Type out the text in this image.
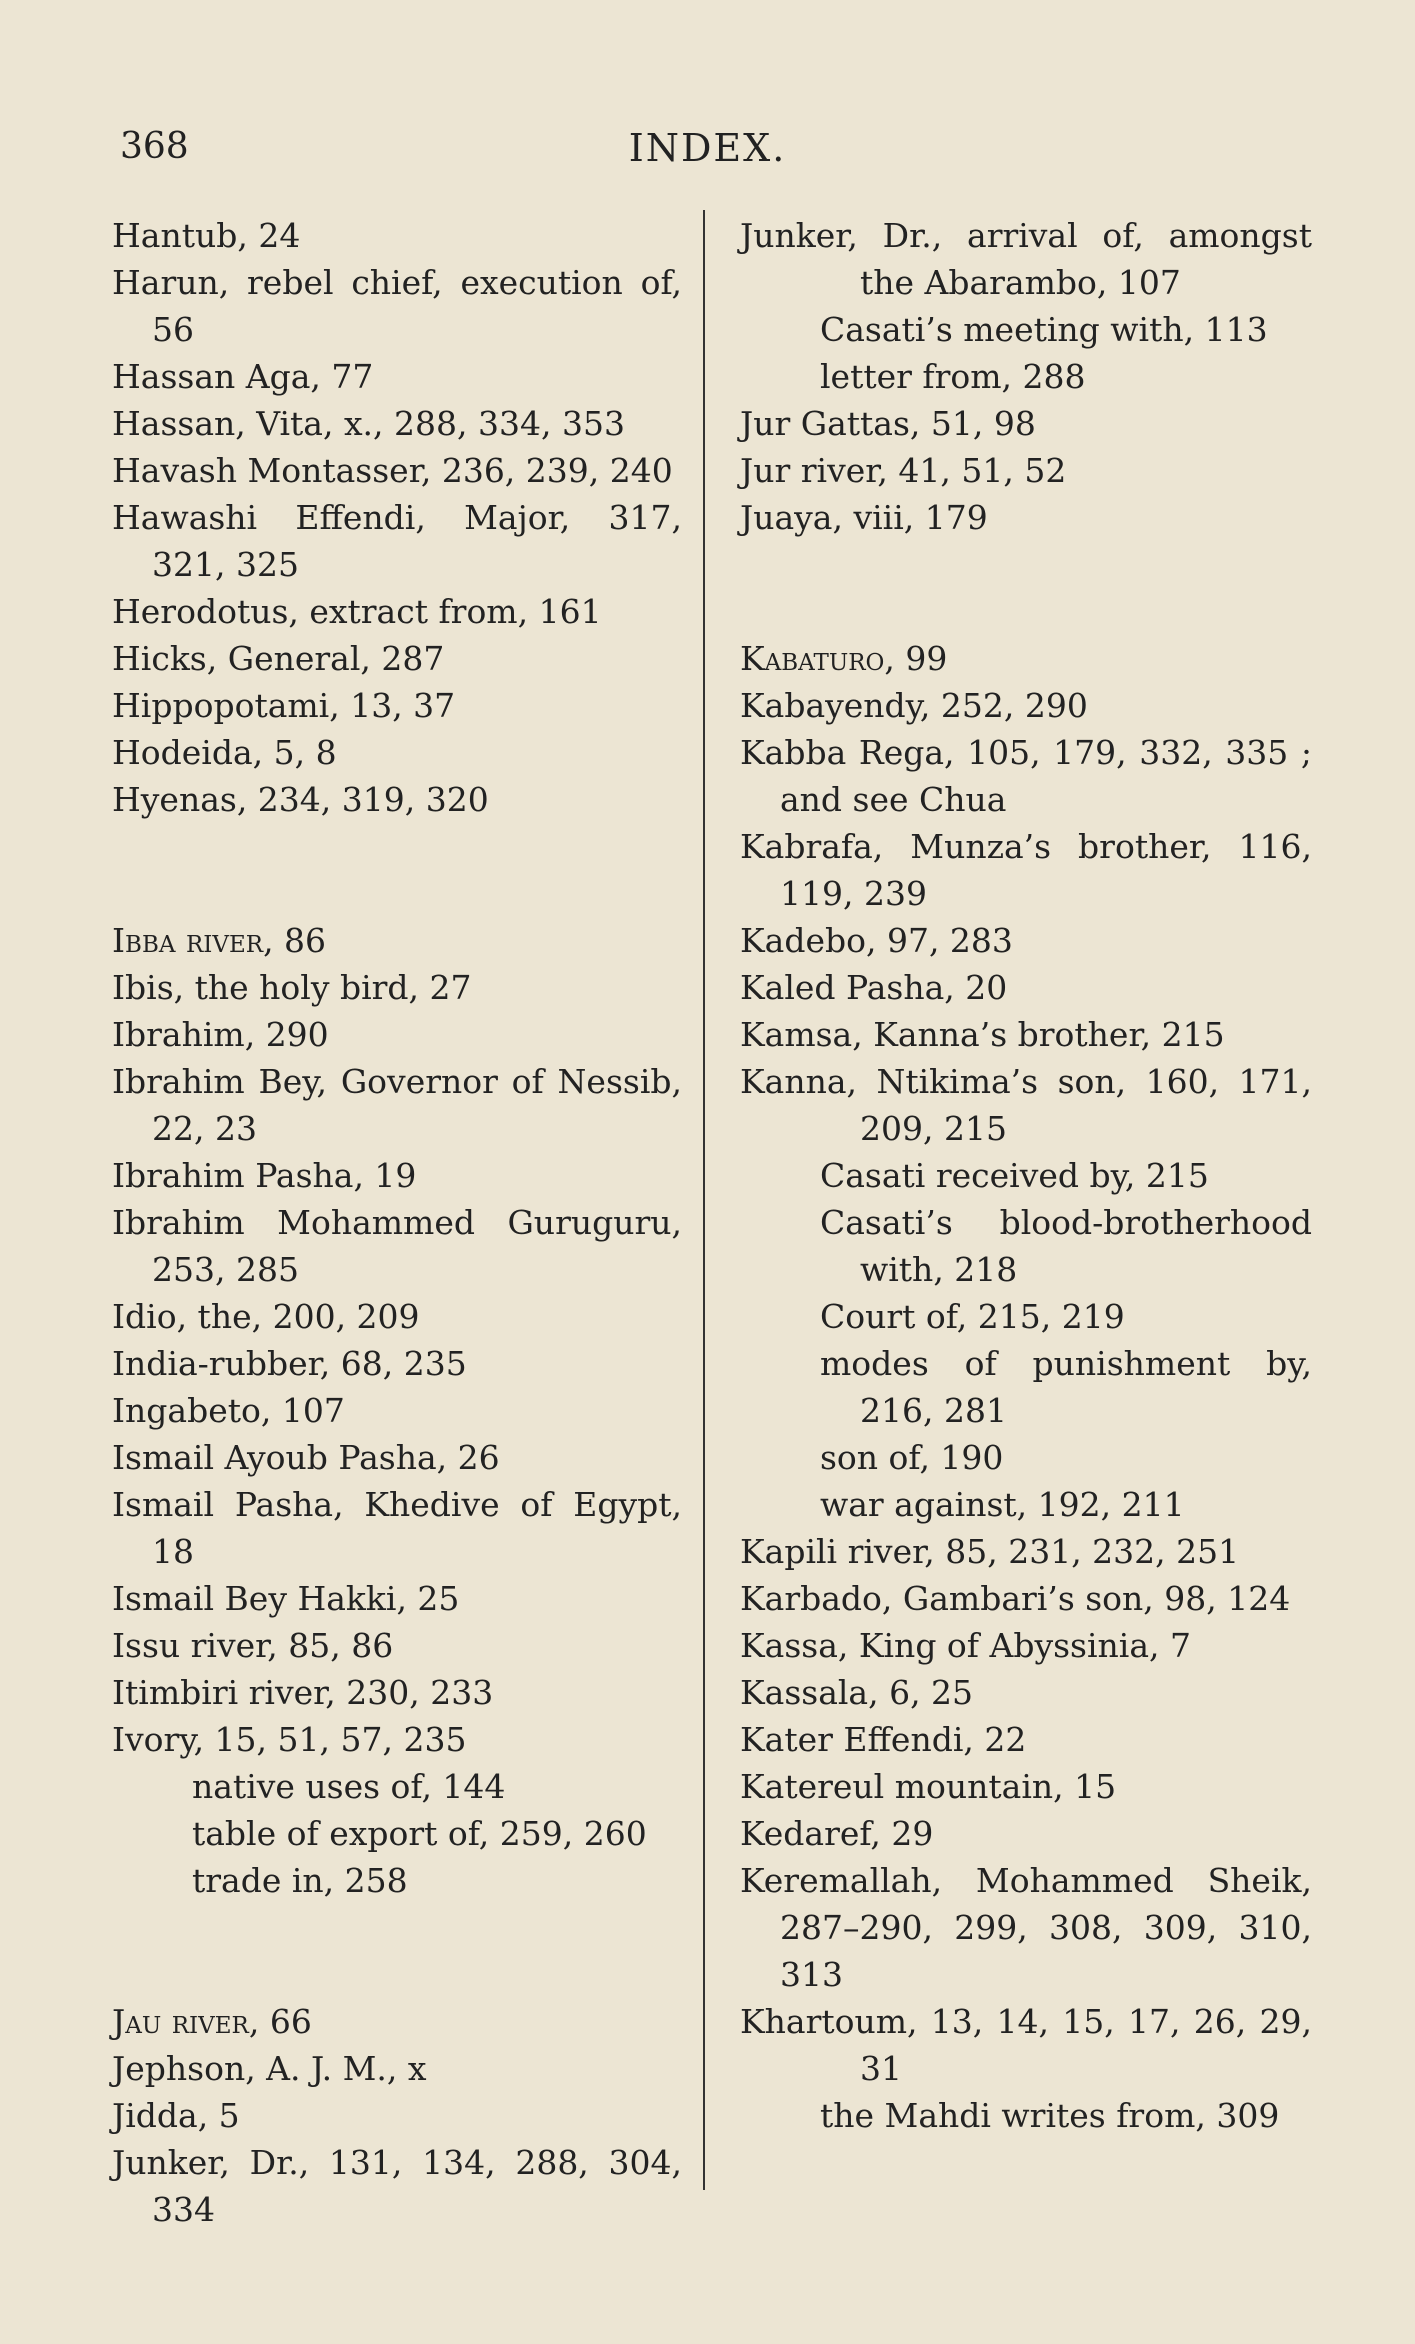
368	INDEX.
Hantub, 24
Harun, rebel chief, execution of, 56
Hassan Aga, 77
Hassan, Vita, x., 288, 334, 353
Havash Montasser, 236, 239, 240
Hawashi Effendi, Major, 317, 321, 325
Herodotus, extract from, 161
Hicks, General, 287
Hippopotami, 13, 37
Hodeida, 5, 8
Hyenas, 234, 319, 320
Ibba river, 86
Ibis, the holy bird, 27
Ibrahim, 290
Ibrahim Bey, Governor of Nessib, 22, 23
Ibrahim Pasha, 19
Ibrahim Mohammed Guruguru, 253, 285
Idio, the, 200, 209
India-rubber, 68, 235
Ingabeto, 107
Ismail Ayoub Pasha, 26
Ismail Pasha, Khedive of Egypt, 18
Ismail Bey Hakki, 25
Issu river, 85, 86
Itimbiri river, 230, 233
Ivory, 15, 51, 57, 235
native uses of, 144
table of export of, 259, 260
trade in, 258
Jau river, 66
Jephson, A. J. M., x
Jidda, 5
Junker, Dr., 131, 134, 288, 304, 334
Junker, Dr., arrival of, amongst the Abarambo, 107
Casati’s meeting with, 113
letter from, 288
Jur Gattas, 51, 98
Jur river, 41, 51, 52
Juaya, viii, 179
Kabaturo, 99
Kabayendy, 252, 290
Kabba Rega, 105, 179, 332, 335 ; and see Chua
Kabrafa, Munza’s brother, 116, 119, 239
Kadebo, 97, 283
Kaled Pasha, 20
Kamsa, Kanna’s brother, 215
Kanna, Ntikima’s son, 160, 171, 209, 215
Casati received by, 215
Casati’s blood-brotherhood with, 218
Court of, 215, 219
modes of punishment by, 216, 281
son of, 190
war against, 192, 211
Kapili river, 85, 231, 232, 251
Karbado, Gambari’s son, 98, 124
Kassa, King of Abyssinia, 7
Kassala, 6, 25
Kater Effendi, 22
Katereul mountain, 15
Kedaref, 29
Keremallah, Mohammed Sheik, 287–290, 299, 308, 309, 310, 313
Khartoum, 13, 14, 15, 17, 26, 29, 31
the Mahdi writes from, 309
